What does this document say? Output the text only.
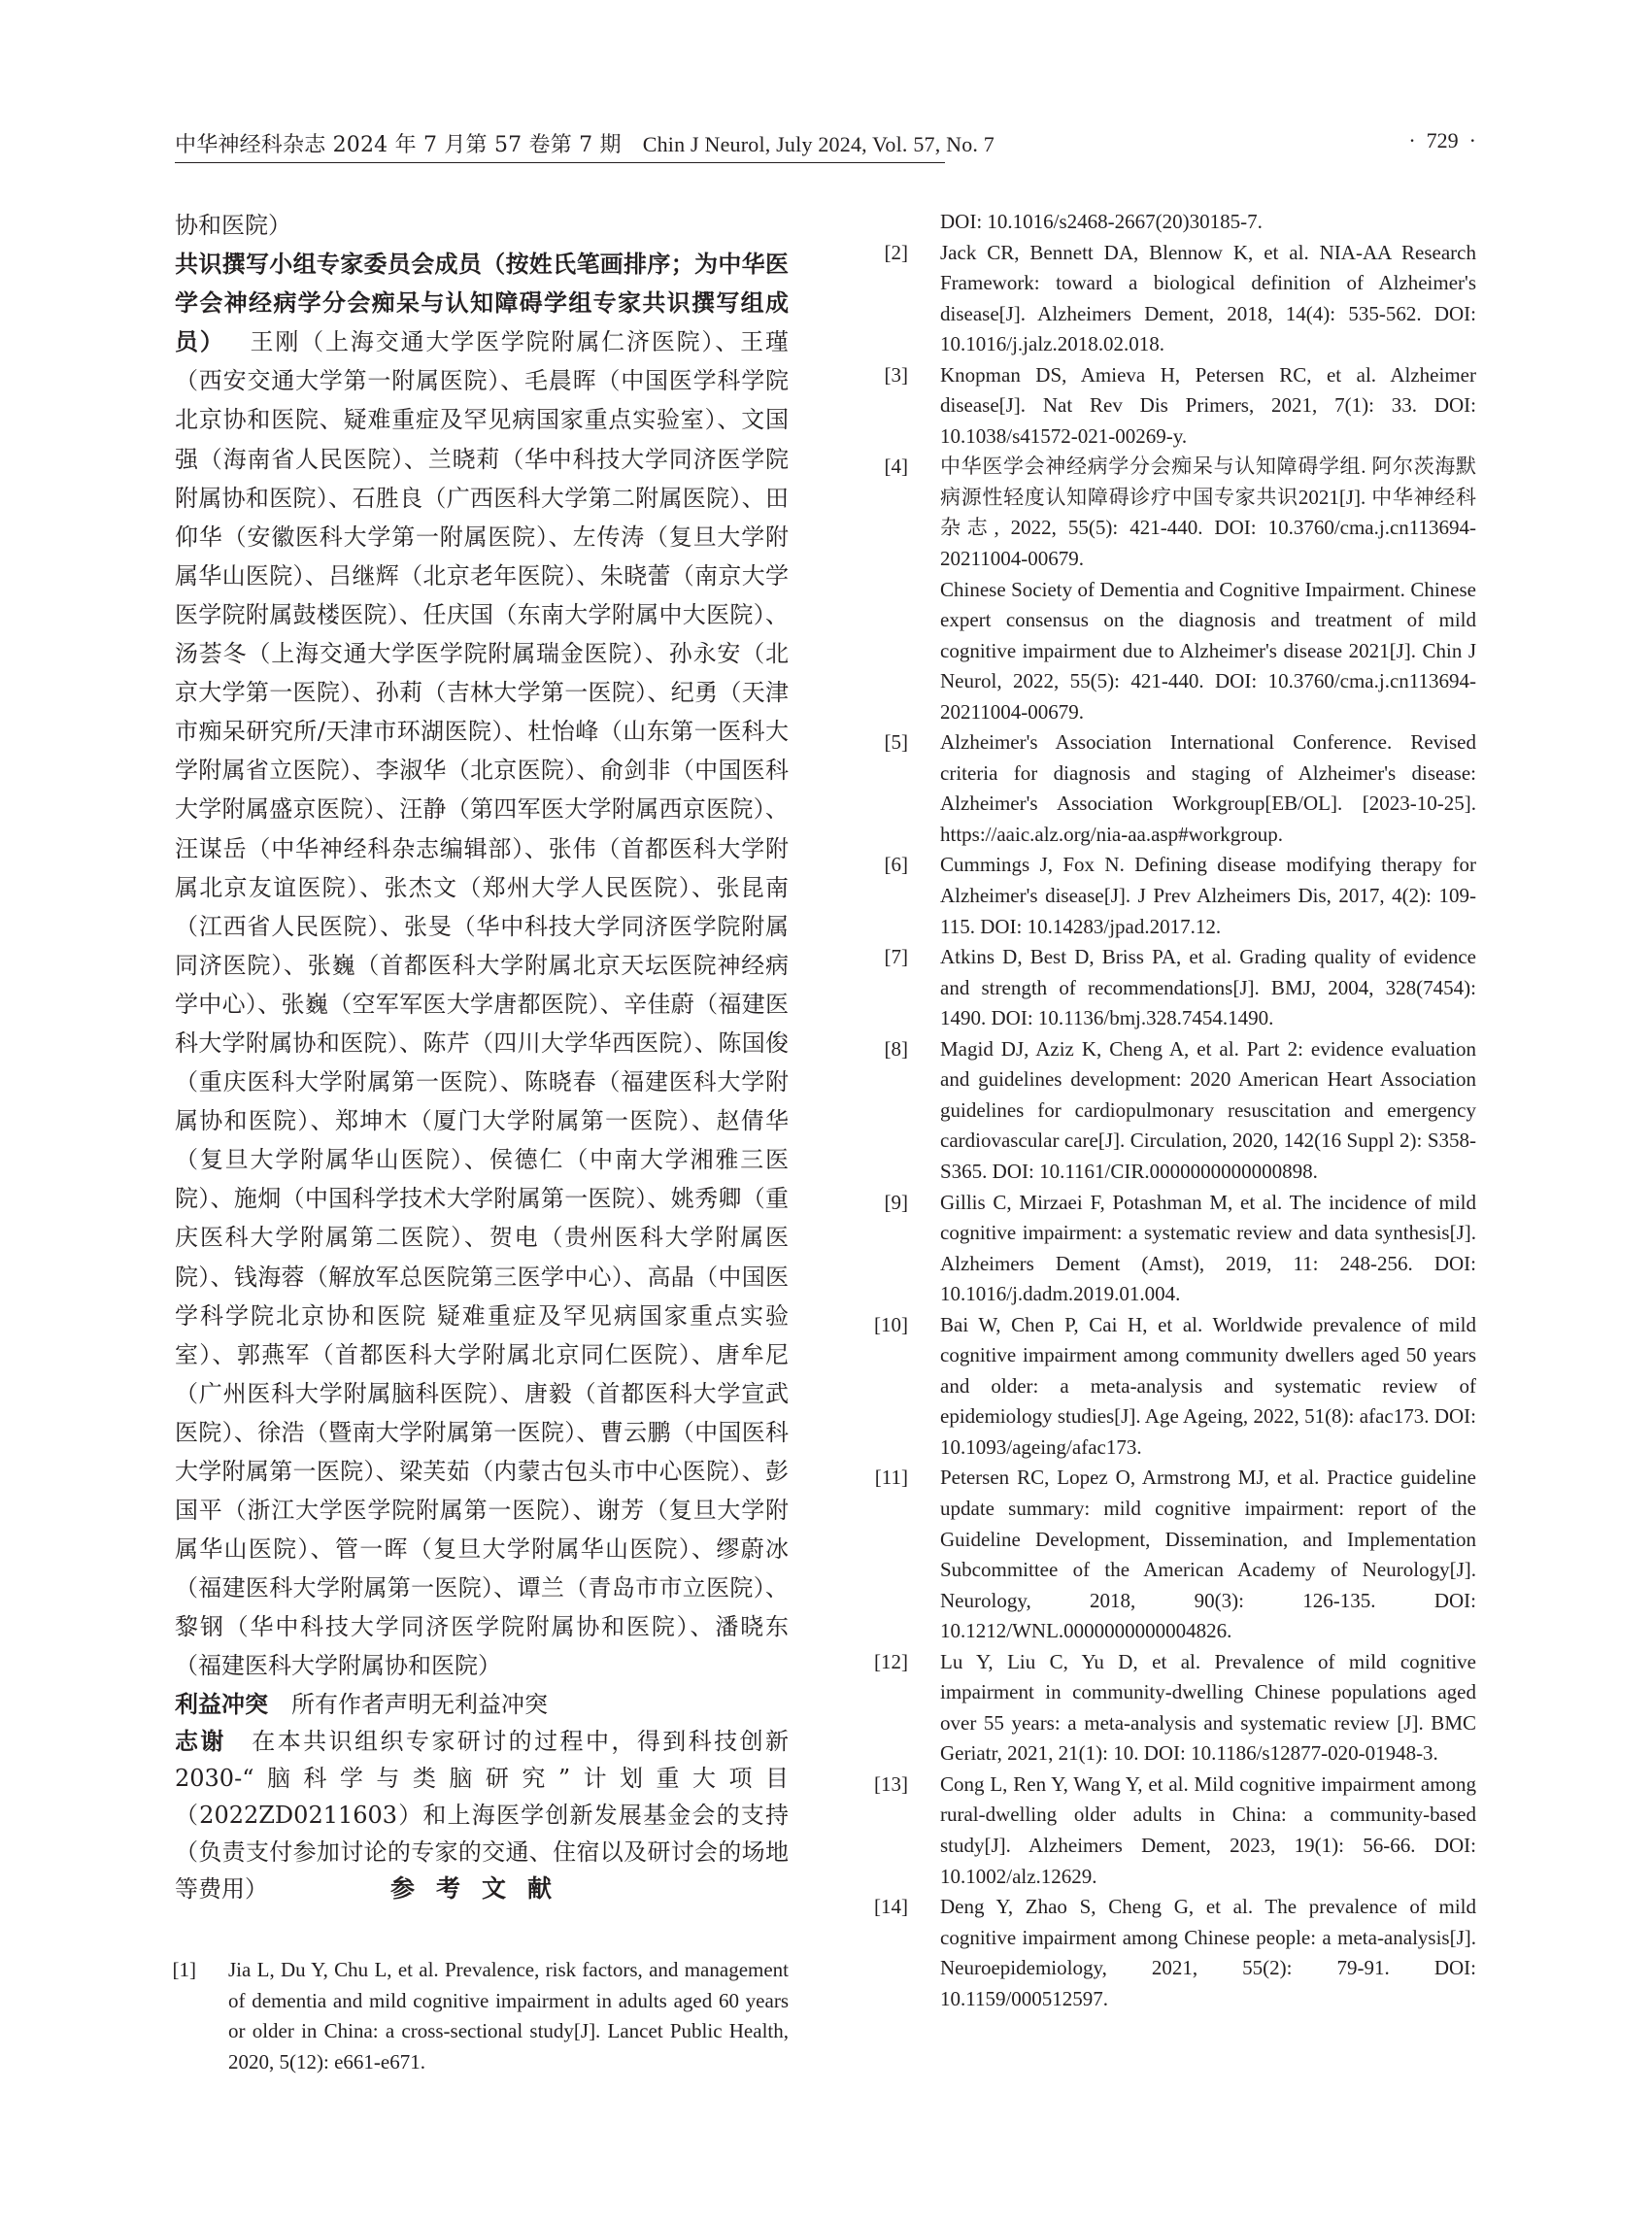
中华神经科杂志 2024 年 7 月第 57 卷第 7 期 Chin J Neurol, July 2024, Vol. 57, No. 7	·  729  ·

协和医院）

共识撰写小组专家委员会成员（按姓氏笔画排序；为中华医学会神经病学分会痴呆与认知障碍学组专家共识撰写组成员）  王刚（上海交通大学医学院附属仁济医院）、王瑾（西安交通大学第一附属医院）、毛晨晖（中国医学科学院北京协和医院、疑难重症及罕见病国家重点实验室）、文国强（海南省人民医院）、兰晓莉（华中科技大学同济医学院附属协和医院）、石胜良（广西医科大学第二附属医院）、田仰华（安徽医科大学第一附属医院）、左传涛（复旦大学附属华山医院）、吕继辉（北京老年医院）、朱晓蕾（南京大学医学院附属鼓楼医院）、任庆国（东南大学附属中大医院）、汤荟冬（上海交通大学医学院附属瑞金医院）、孙永安（北京大学第一医院）、孙莉（吉林大学第一医院）、纪勇（天津市痴呆研究所/天津市环湖医院）、杜怡峰（山东第一医科大学附属省立医院）、李淑华（北京医院）、俞剑非（中国医科大学附属盛京医院）、汪静（第四军医大学附属西京医院）、汪谋岳（中华神经科杂志编辑部）、张伟（首都医科大学附属北京友谊医院）、张杰文（郑州大学人民医院）、张昆南（江西省人民医院）、张旻（华中科技大学同济医学院附属同济医院）、张巍（首都医科大学附属北京天坛医院神经病学中心）、张巍（空军军医大学唐都医院）、辛佳蔚（福建医科大学附属协和医院）、陈芹（四川大学华西医院）、陈国俊（重庆医科大学附属第一医院）、陈晓春（福建医科大学附属协和医院）、郑坤木（厦门大学附属第一医院）、赵倩华（复旦大学附属华山医院）、侯德仁（中南大学湘雅三医院）、施炯（中国科学技术大学附属第一医院）、姚秀卿（重庆医科大学附属第二医院）、贺电（贵州医科大学附属医院）、钱海蓉（解放军总医院第三医学中心）、高晶（中国医学科学院北京协和医院 疑难重症及罕见病国家重点实验室）、郭燕军（首都医科大学附属北京同仁医院）、唐牟尼（广州医科大学附属脑科医院）、唐毅（首都医科大学宣武医院）、徐浩（暨南大学附属第一医院）、曹云鹏（中国医科大学附属第一医院）、梁芙茹（内蒙古包头市中心医院）、彭国平（浙江大学医学院附属第一医院）、谢芳（复旦大学附属华山医院）、管一晖（复旦大学附属华山医院）、缪蔚冰（福建医科大学附属第一医院）、谭兰（青岛市市立医院）、黎钢（华中科技大学同济医学院附属协和医院）、潘晓东（福建医科大学附属协和医院）

利益冲突  所有作者声明无利益冲突

志谢  在本共识组织专家研讨的过程中，得到科技创新2030-“脑科学与类脑研究”计划重大项目（2022ZD0211603）和上海医学创新发展基金会的支持（负责支付参加讨论的专家的交通、住宿以及研讨会的场地等费用）	参考文献
[1]	Jia L, Du Y, Chu L, et al. Prevalence, risk factors, and management of dementia and mild cognitive impairment in adults aged 60 years or older in China: a cross-sectional study[J]. Lancet Public Health, 2020, 5(12): e661-e671.
DOI: 10.1016/s2468-2667(20)30185-7.
[2]	Jack CR, Bennett DA, Blennow K, et al. NIA-AA Research Framework: toward a biological definition of Alzheimer's disease[J]. Alzheimers Dement, 2018, 14(4): 535-562. DOI: 10.1016/j.jalz.2018.02.018.
[3]	Knopman DS, Amieva H, Petersen RC, et al. Alzheimer disease[J]. Nat Rev Dis Primers, 2021, 7(1): 33. DOI: 10.1038/s41572-021-00269-y.
[4]	中华医学会神经病学分会痴呆与认知障碍学组. 阿尔茨海默病源性轻度认知障碍诊疗中国专家共识2021[J]. 中华神经科杂志, 2022, 55(5): 421-440. DOI: 10.3760/cma.j.cn113694-20211004-00679.
Chinese Society of Dementia and Cognitive Impairment. Chinese expert consensus on the diagnosis and treatment of mild cognitive impairment due to Alzheimer's disease 2021[J]. Chin J Neurol, 2022, 55(5): 421-440. DOI: 10.3760/cma.j.cn113694-20211004-00679.
[5]	Alzheimer's Association International Conference. Revised criteria for diagnosis and staging of Alzheimer's disease: Alzheimer's Association Workgroup[EB/OL]. [2023-10-25]. https://aaic.alz.org/nia-aa.asp#workgroup.
[6]	Cummings J, Fox N. Defining disease modifying therapy for Alzheimer's disease[J]. J Prev Alzheimers Dis, 2017, 4(2): 109-115. DOI: 10.14283/jpad.2017.12.
[7]	Atkins D, Best D, Briss PA, et al. Grading quality of evidence and strength of recommendations[J]. BMJ, 2004, 328(7454): 1490. DOI: 10.1136/bmj.328.7454.1490.
[8]	Magid DJ, Aziz K, Cheng A, et al. Part 2: evidence evaluation and guidelines development: 2020 American Heart Association guidelines for cardiopulmonary resuscitation and emergency cardiovascular care[J]. Circulation, 2020, 142(16 Suppl 2): S358-S365. DOI: 10.1161/CIR.0000000000000898.
[9]	Gillis C, Mirzaei F, Potashman M, et al. The incidence of mild cognitive impairment: a systematic review and data synthesis[J]. Alzheimers Dement (Amst), 2019, 11: 248-256. DOI: 10.1016/j.dadm.2019.01.004.
[10]	Bai W, Chen P, Cai H, et al. Worldwide prevalence of mild cognitive impairment among community dwellers aged 50 years and older: a meta-analysis and systematic review of epidemiology studies[J]. Age Ageing, 2022, 51(8): afac173. DOI: 10.1093/ageing/afac173.
[11]	Petersen RC, Lopez O, Armstrong MJ, et al. Practice guideline update summary: mild cognitive impairment: report of the Guideline Development, Dissemination, and Implementation Subcommittee of the American Academy of Neurology[J]. Neurology, 2018, 90(3): 126-135. DOI: 10.1212/WNL.0000000000004826.
[12]	Lu Y, Liu C, Yu D, et al. Prevalence of mild cognitive impairment in community-dwelling Chinese populations aged over 55 years: a meta-analysis and systematic review [J]. BMC Geriatr, 2021, 21(1): 10. DOI: 10.1186/s12877-020-01948-3.
[13]	Cong L, Ren Y, Wang Y, et al. Mild cognitive impairment among rural-dwelling older adults in China: a community-based study[J]. Alzheimers Dement, 2023, 19(1): 56-66. DOI: 10.1002/alz.12629.
[14]	Deng Y, Zhao S, Cheng G, et al. The prevalence of mild cognitive impairment among Chinese people: a meta-analysis[J]. Neuroepidemiology, 2021, 55(2): 79-91. DOI: 10.1159/000512597.
